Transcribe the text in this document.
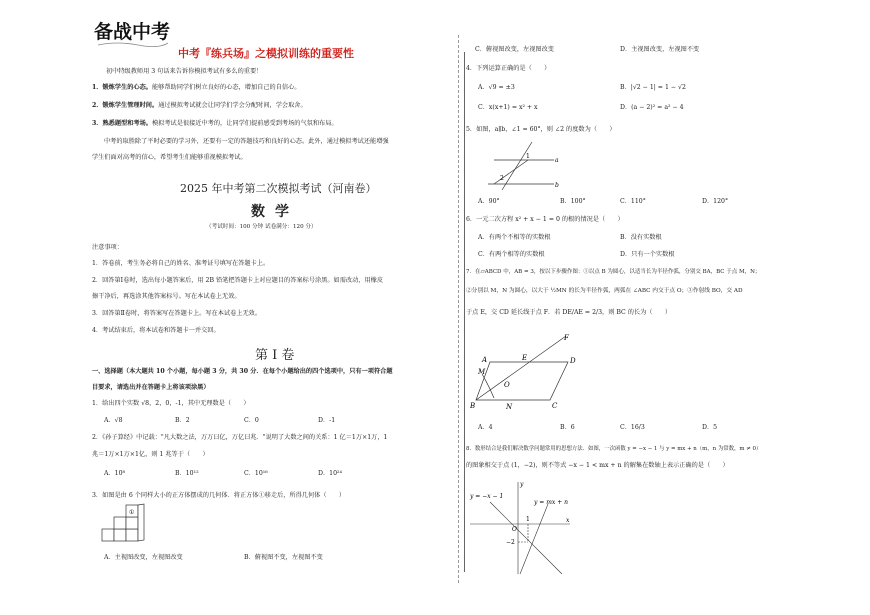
备战中考
中考『练兵场』之模拟训练的重要性
初中特级教师用 3 句话来告诉你模拟考试有多么的重要！
1．锻炼学生的心态。能够帮助同学们树立良好的心态，增加自己的自信心。
2．锻炼学生管理时间。通过模拟考试就会让同学们学会分配时间，学会取舍。
3．熟悉题型和考场。模拟考试是很接近中考的，让同学们提前感受到考场的气氛和布局。
中考的取胜除了平时必要的学习外，还要有一定的答题技巧和良好的心态。此外，通过模拟考试还能增强
学生们面对高考的信心，希望考生们能够重视模拟考试。
2025 年中考第二次模拟考试（河南卷）
数学
（考试时间：100 分钟 试卷满分：120 分）
注意事项：
1．答卷前，考生务必将自己的姓名、准考证号填写在答题卡上。
2．回答第Ⅰ卷时，选出每小题答案后，用 2B 铅笔把答题卡上对应题目的答案标号涂黑。如需改动，用橡皮
擦干净后，再选涂其他答案标号。写在本试卷上无效。
3．回答第Ⅱ卷时，将答案写在答题卡上。写在本试卷上无效。
4．考试结束后，将本试卷和答题卡一并交回。
第 I 卷
一、选择题（本大题共 10 个小题，每小题 3 分，共 30 分．在每个小题给出的四个选项中，只有一项符合题
目要求，请选出并在答题卡上将该项涂黑）
1．给出四个实数 √8，2，0，-1，其中无理数是（　　）
A．√8	B．2	C．0	D．-1
2．《孙子算经》中记载："凡大数之法，万万曰亿，万亿曰兆．"说明了大数之间的关系：1 亿＝1万×1万，1
兆＝1万×1万×1亿，则 1 兆等于（　　）
A．10⁸	B．10¹²	C．10¹⁶	D．10²⁴
3．如图是由 6 个同样大小的正方体摆成的几何体．将正方体①移走后，所得几何体（　　）
①
A．主视图改变，左视图改变	B．俯视图不变，左视图不变
C．俯视图改变，左视图改变	D．主视图改变，左视图不变
4．下列运算正确的是（　　）
A．√9 = ±3	B．|√2 − 1| = 1 − √2
C．x(x+1) = x² + x	D．(a − 2)² = a² − 4
5．如图，a∥b，∠1 = 60°，则 ∠2 的度数为（　　）
1
2
a
b
A．90°	B．100°	C．110°	D．120°
6．一元二次方程 x² + x − 1 = 0 的根的情况是（　　）
A．有两个不相等的实数根	B．没有实数根
C．有两个相等的实数根	D．只有一个实数根
7．在▱ABCD 中，AB = 3，按以下步骤作图：①以点 B 为圆心，以适当长为半径作弧，分别交 BA，BC 于点 M，N；
②分别以 M，N 为圆心，以大于 ½MN 的长为半径作弧，两弧在 ∠ABC 内交于点 O；③作射线 BO，交 AD
于点 E，交 CD 延长线于点 F．若 DE/AE = 2/3，则 BC 的长为（　　）
A
B	C
D
E
F
M
N
O
A．4	B．6	C．16/3	D．5
8．数形结合是我们解决数学问题常用的思想方法．如图，一次函数 y = −x − 1 与 y = mx + n（m，n 为常数，m ≠ 0）
的图象相交于点 (1，−2)，则不等式 −x − 1 < mx + n 的解集在数轴上表示正确的是（　　）
y = −x − 1
y = mx + n
x
y
O
1
−2
